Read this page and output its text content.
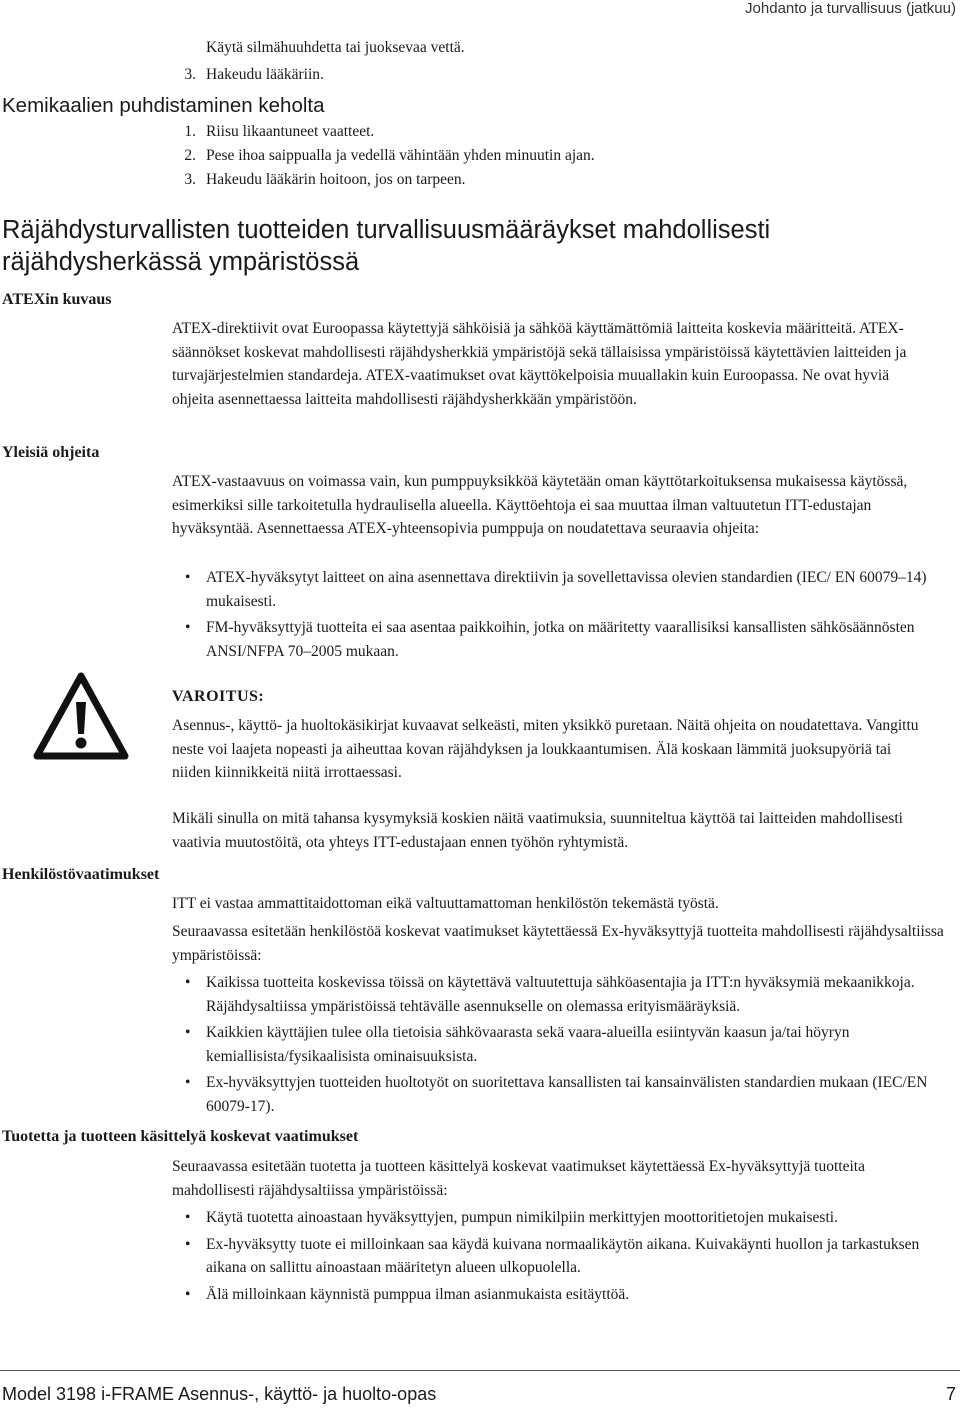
Johdanto ja turvallisuus (jatkuu)
Käytä silmähuuhdetta tai juoksevaa vettä.
3. Hakeudu lääkäriin.
Kemikaalien puhdistaminen keholta
1. Riisu likaantuneet vaatteet.
2. Pese ihoa saippualla ja vedellä vähintään yhden minuutin ajan.
3. Hakeudu lääkärin hoitoon, jos on tarpeen.
Räjähdysturvallisten tuotteiden turvallisuusmääräykset mahdollisesti
räjähdysherkässä ympäristössä
ATEXin kuvaus
ATEX-direktiivit ovat Euroopassa käytettyjä sähköisiä ja sähköä käyttämättömiä laitteita koskevia määritteitä. ATEX-säännökset koskevat mahdollisesti räjähdysherkkiä ympäristöjä sekä tällaisissa ympäristöissä käytettävien laitteiden ja turvajärjestelmien standardeja. ATEX-vaatimukset ovat käyttökelpoisia muuallakin kuin Euroopassa. Ne ovat hyviä ohjeita asennettaessa laitteita mahdollisesti räjähdysherkkään ympäristöön.
Yleisiä ohjeita
ATEX-vastaavuus on voimassa vain, kun pumppuyksikköä käytetään oman käyttötarkoituksensa mukaisessa käytössä, esimerkiksi sille tarkoitetulla hydraulisella alueella. Käyttöehtoja ei saa muuttaa ilman valtuutetun ITT-edustajan hyväksyntää. Asennettaessa ATEX-yhteensopivia pumppuja on noudatettava seuraavia ohjeita:
• ATEX-hyväksytyt laitteet on aina asennettava direktiivin ja sovellettavissa olevien standardien (IEC/ EN 60079–14) mukaisesti.
• FM-hyväksyttyjä tuotteita ei saa asentaa paikkoihin, jotka on määritetty vaarallisiksi kansallisten sähkösäännösten ANSI/NFPA 70–2005 mukaan.
VAROITUS:
Asennus-, käyttö- ja huoltokäsikirjat kuvaavat selkeästi, miten yksikkö puretaan. Näitä ohjeita on noudatettava. Vangittu neste voi laajeta nopeasti ja aiheuttaa kovan räjähdyksen ja loukkaantumisen. Älä koskaan lämmitä juoksupyöriä tai niiden kiinnikkeitä niitä irrottaessasi.
Mikäli sinulla on mitä tahansa kysymyksiä koskien näitä vaatimuksia, suunniteltua käyttöä tai laitteiden mahdollisesti vaativia muutostöitä, ota yhteys ITT-edustajaan ennen työhön ryhtymistä.
Henkilöstövaatimukset
ITT ei vastaa ammattitaidottoman eikä valtuuttamattoman henkilöstön tekemästä työstä.
Seuraavassa esitetään henkilöstöä koskevat vaatimukset käytettäessä Ex-hyväksyttyjä tuotteita mahdollisesti räjähdysaltiissa ympäristöissä:
• Kaikissa tuotteita koskevissa töissä on käytettävä valtuutettuja sähköasentajia ja ITT:n hyväksymiä mekaanikkoja. Räjähdysaltiissa ympäristöissä tehtävälle asennukselle on olemassa erityismääräyksiä.
• Kaikkien käyttäjien tulee olla tietoisia sähkövaarasta sekä vaara-alueilla esiintyvän kaasun ja/tai höyryn kemiallisista/fysikaalisista ominaisuuksista.
• Ex-hyväksyttyjen tuotteiden huoltotyöt on suoritettava kansallisten tai kansainvälisten standardien mukaan (IEC/EN 60079-17).
Tuotetta ja tuotteen käsittelyä koskevat vaatimukset
Seuraavassa esitetään tuotetta ja tuotteen käsittelyä koskevat vaatimukset käytettäessä Ex-hyväksyttyjä tuotteita mahdollisesti räjähdysaltiissa ympäristöissä:
• Käytä tuotetta ainoastaan hyväksyttyjen, pumpun nimikilpiin merkittyjen moottoritietojen mukaisesti.
• Ex-hyväksytty tuote ei milloinkaan saa käydä kuivana normaalikäytön aikana. Kuivakäynti huollon ja tarkastuksen aikana on sallittu ainoastaan määritetyn alueen ulkopuolella.
• Älä milloinkaan käynnistä pumppua ilman asianmukaista esitäyttöä.
Model 3198 i-FRAME Asennus-, käyttö- ja huolto-opas	7
